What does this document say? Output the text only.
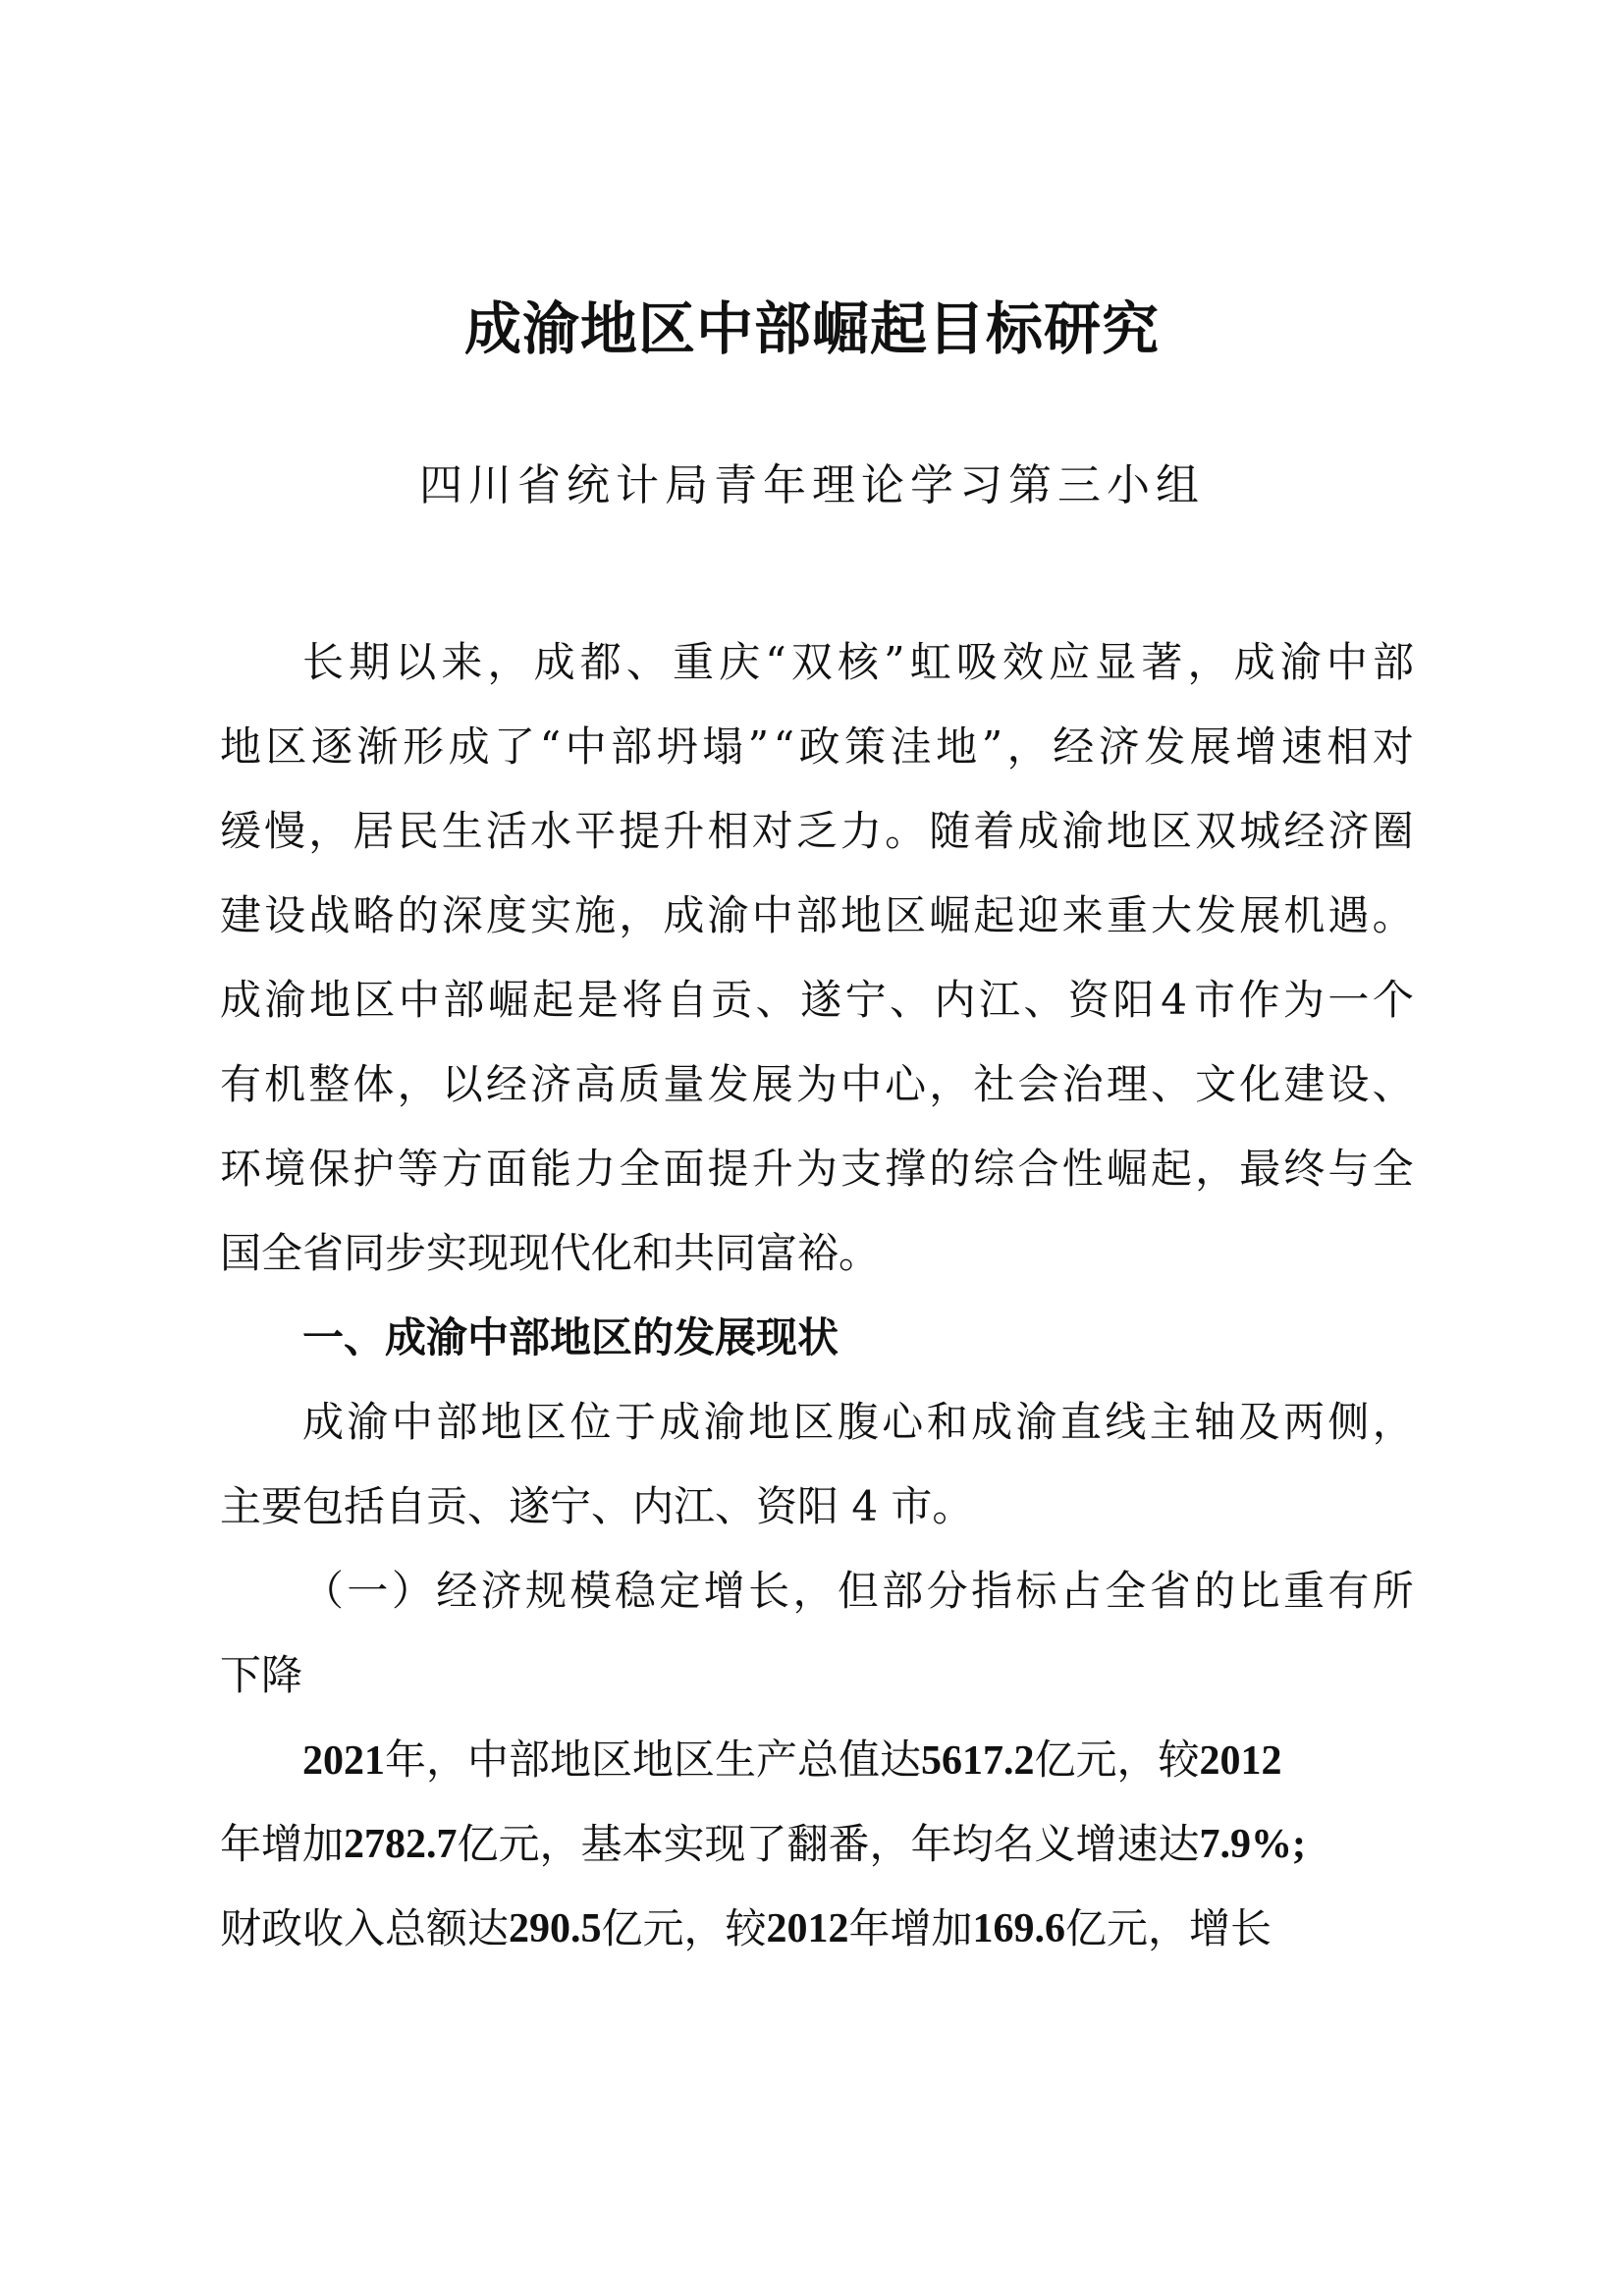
成渝地区中部崛起目标研究
四川省统计局青年理论学习第三小组
长 期 以 来 ， 成 都 、 重 庆 “ 双 核 ” 虹 吸 效 应 显 著 ， 成 渝 中 部
地 区 逐 渐 形 成 了 “ 中 部 坍 塌 ” “ 政 策 洼 地 ” ， 经 济 发 展 增 速 相 对
缓 慢 ， 居 民 生 活 水 平 提 升 相 对 乏 力 。 随 着 成 渝 地 区 双 城 经 济 圈
建 设 战 略 的 深 度 实 施 ， 成 渝 中 部 地 区 崛 起 迎 来 重 大 发 展 机 遇 。
成 渝 地 区 中 部 崛 起 是 将 自 贡 、 遂 宁 、 内 江 、 资 阳 4 市 作 为 一 个
有 机 整 体 ， 以 经 济 高 质 量 发 展 为 中 心 ， 社 会 治 理 、 文 化 建 设 、
环 境 保 护 等 方 面 能 力 全 面 提 升 为 支 撑 的 综 合 性 崛 起 ， 最 终 与 全
国全省同步实现现代化和共同富裕。
一、成渝中部地区的发展现状
成 渝 中 部 地 区 位 于 成 渝 地 区 腹 心 和 成 渝 直 线 主 轴 及 两 侧 ，
主要包括自贡、遂宁、内江、资阳 4 市。
（ 一 ） 经 济 规 模 稳 定 增 长 ， 但 部 分 指 标 占 全 省 的 比 重 有 所
下降
2021年，中部地区地区生产总值达5617.2亿元，较2012
年增加 2782.7 亿元，基本实现了翻番，年均名义增速达 7.9% ;
财政收入总额达 290.5 亿元，较 2012 年增加 169.6 亿元，增长
